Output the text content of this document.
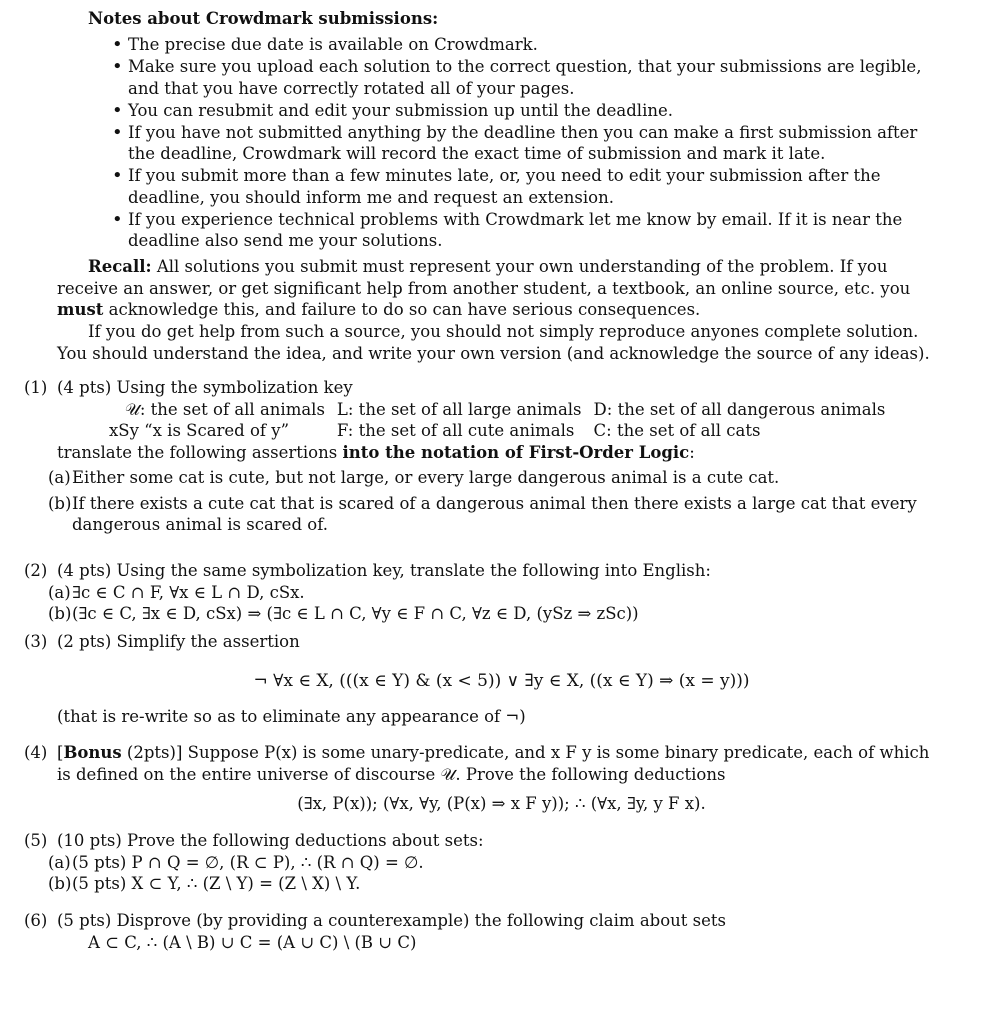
Notes about Crowdmark submissions:
• The precise due date is available on Crowdmark.
• Make sure you upload each solution to the correct question, that your submissions are legible, and that you have correctly rotated all of your pages.
• You can resubmit and edit your submission up until the deadline.
• If you have not submitted anything by the deadline then you can make a first submission after the deadline, Crowdmark will record the exact time of submission and mark it late.
• If you submit more than a few minutes late, or, you need to edit your submission after the deadline, you should inform me and request an extension.
• If you experience technical problems with Crowdmark let me know by email. If it is near the deadline also send me your solutions.

Recall: All solutions you submit must represent your own understanding of the problem. If you receive an answer, or get significant help from another student, a textbook, an online source, etc. you must acknowledge this, and failure to do so can have serious consequences.

If you do get help from such a source, you should not simply reproduce anyones complete solution. You should understand the idea, and write your own version (and acknowledge the source of any ideas).

(1) (4 pts) Using the symbolization key
𝒰: the set of all animals	L: the set of all large animals	D: the set of all dangerous animals
xSy “x is Scared of y”	F: the set of all cute animals	C: the set of all cats
translate the following assertions into the notation of First-Order Logic:
(a) Either some cat is cute, but not large, or every large dangerous animal is a cute cat.
(b) If there exists a cute cat that is scared of a dangerous animal then there exists a large cat that every dangerous animal is scared of.
(2) (4 pts) Using the same symbolization key, translate the following into English:
(a) ∃c ∈ C ∩ F, ∀x ∈ L ∩ D, cSx.
(b) (∃c ∈ C, ∃x ∈ D, cSx) ⇒ (∃c ∈ L ∩ C, ∀y ∈ F ∩ C, ∀z ∈ D, (ySz ⇒ zSc))
(3) (2 pts) Simplify the assertion
¬ ∀x ∈ X, (((x ∈ Y) & (x < 5)) ∨ ∃y ∈ X, ((x ∈ Y) ⇒ (x = y)))
(that is re-write so as to eliminate any appearance of ¬)
(4) [Bonus (2pts)] Suppose P(x) is some unary-predicate, and x F y is some binary predicate, each of which is defined on the entire universe of discourse 𝒰. Prove the following deductions
(∃x, P(x)); (∀x, ∀y, (P(x) ⇒ x F y)); ∴ (∀x, ∃y, y F x).
(5) (10 pts) Prove the following deductions about sets:
(a) (5 pts) P ∩ Q = ∅, (R ⊂ P), ∴ (R ∩ Q) = ∅.
(b) (5 pts) X ⊂ Y, ∴ (Z \ Y) = (Z \ X) \ Y.
(6) (5 pts) Disprove (by providing a counterexample) the following claim about sets
A ⊂ C, ∴ (A \ B) ∪ C = (A ∪ C) \ (B ∪ C)
